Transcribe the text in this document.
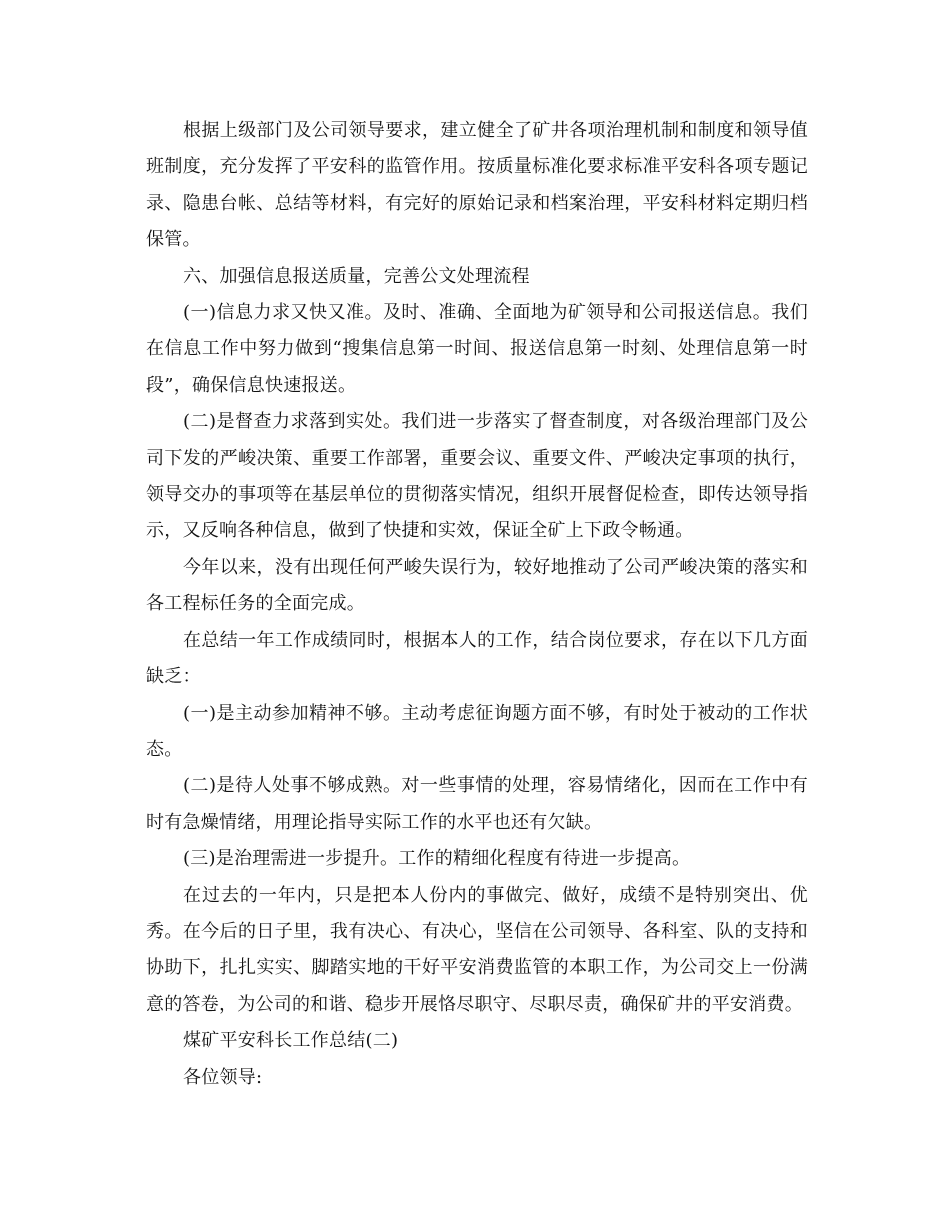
根据上级部门及公司领导要求，建立健全了矿井各项治理机制和制度和领导值班制度，充分发挥了平安科的监管作用。按质量标准化要求标准平安科各项专题记录、隐患台帐、总结等材料，有完好的原始记录和档案治理，平安科材料定期归档保管。

六、加强信息报送质量，完善公文处理流程

(一)信息力求又快又准。及时、准确、全面地为矿领导和公司报送信息。我们在信息工作中努力做到“搜集信息第一时间、报送信息第一时刻、处理信息第一时段”，确保信息快速报送。

(二)是督查力求落到实处。我们进一步落实了督查制度，对各级治理部门及公司下发的严峻决策、重要工作部署，重要会议、重要文件、严峻决定事项的执行，领导交办的事项等在基层单位的贯彻落实情况，组织开展督促检查，即传达领导指示，又反响各种信息，做到了快捷和实效，保证全矿上下政令畅通。

今年以来，没有出现任何严峻失误行为，较好地推动了公司严峻决策的落实和各工程标任务的全面完成。

在总结一年工作成绩同时，根据本人的工作，结合岗位要求，存在以下几方面缺乏：

(一)是主动参加精神不够。主动考虑征询题方面不够，有时处于被动的工作状态。

(二)是待人处事不够成熟。对一些事情的处理，容易情绪化，因而在工作中有时有急燥情绪，用理论指导实际工作的水平也还有欠缺。

(三)是治理需进一步提升。工作的精细化程度有待进一步提高。

在过去的一年内，只是把本人份内的事做完、做好，成绩不是特别突出、优秀。在今后的日子里，我有决心、有决心，坚信在公司领导、各科室、队的支持和协助下，扎扎实实、脚踏实地的干好平安消费监管的本职工作，为公司交上一份满意的答卷，为公司的和谐、稳步开展恪尽职守、尽职尽责，确保矿井的平安消费。

煤矿平安科长工作总结(二)

各位领导:
